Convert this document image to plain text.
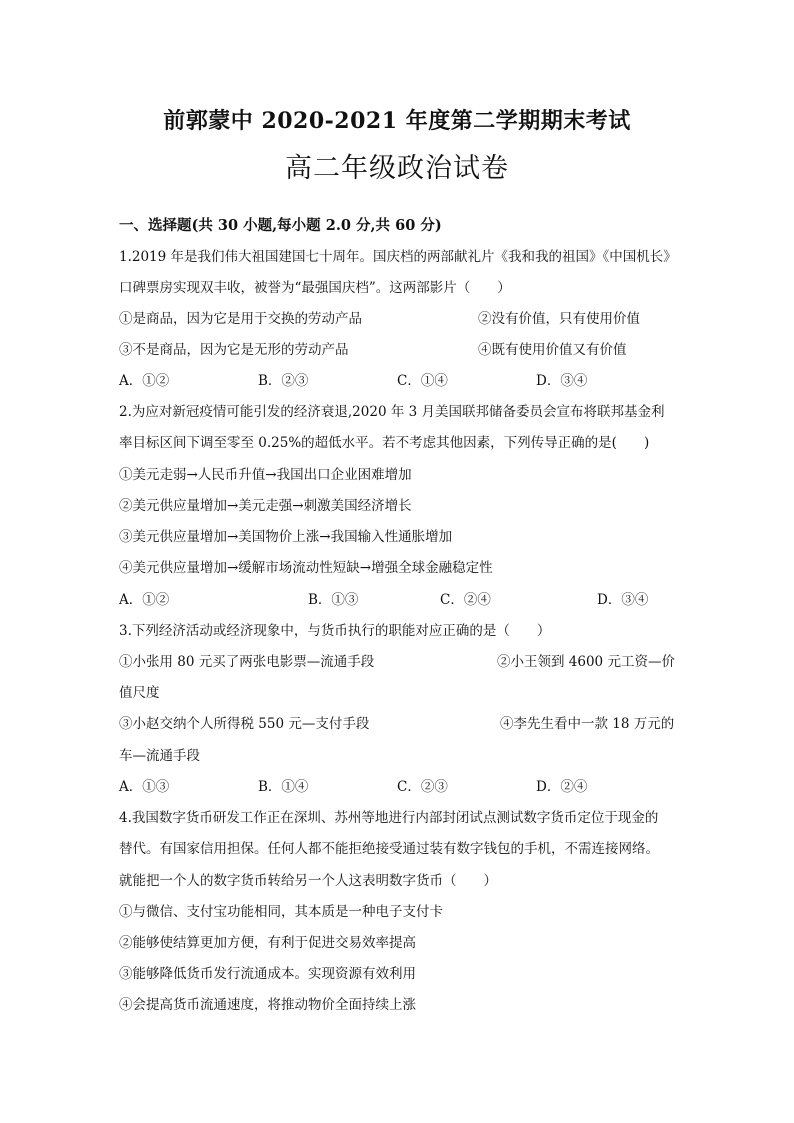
前郭蒙中 2020-2021 年度第二学期期末考试
高二年级政治试卷
一、选择题(共 30 小题,每小题 2.0 分,共 60 分)
1.2019 年是我们伟大祖国建国七十周年。国庆档的两部献礼片《我和我的祖国》《中国机长》
口碑票房实现双丰收，被誉为“最强国庆档”。这两部影片（　　）
①是商品，因为它是用于交换的劳动产品	②没有价值，只有使用价值
③不是商品，因为它是无形的劳动产品	④既有使用价值又有价值
A．①②	B．②③	C．①④	D．③④
2.为应对新冠疫情可能引发的经济衰退,2020 年 3 月美国联邦储备委员会宣布将联邦基金利
率目标区间下调至零至 0.25%的超低水平。若不考虑其他因素，下列传导正确的是(　　)
①美元走弱→人民币升值→我国出口企业困难增加
②美元供应量增加→美元走强→刺激美国经济增长
③美元供应量增加→美国物价上涨→我国输入性通胀增加
④美元供应量增加→缓解市场流动性短缺→增强全球金融稳定性
A．①②	B．①③	C．②④	D．③④
3.下列经济活动或经济现象中，与货币执行的职能对应正确的是（　　）
①小张用 80 元买了两张电影票—流通手段	②小王领到 4600 元工资—价
值尺度
③小赵交纳个人所得税 550 元—支付手段	④李先生看中一款 18 万元的
车—流通手段
A．①③	B．①④	C．②③	D．②④
4.我国数字货币研发工作正在深圳、苏州等地进行内部封闭试点测试数字货币定位于现金的
替代。有国家信用担保。任何人都不能拒绝接受通过装有数字钱包的手机，不需连接网络。
就能把一个人的数字货币转给另一个人这表明数字货币（　　）
①与微信、支付宝功能相同，其本质是一种电子支付卡
②能够使结算更加方便，有利于促进交易效率提高
③能够降低货币发行流通成本。实现资源有效利用
④会提高货币流通速度，将推动物价全面持续上涨
